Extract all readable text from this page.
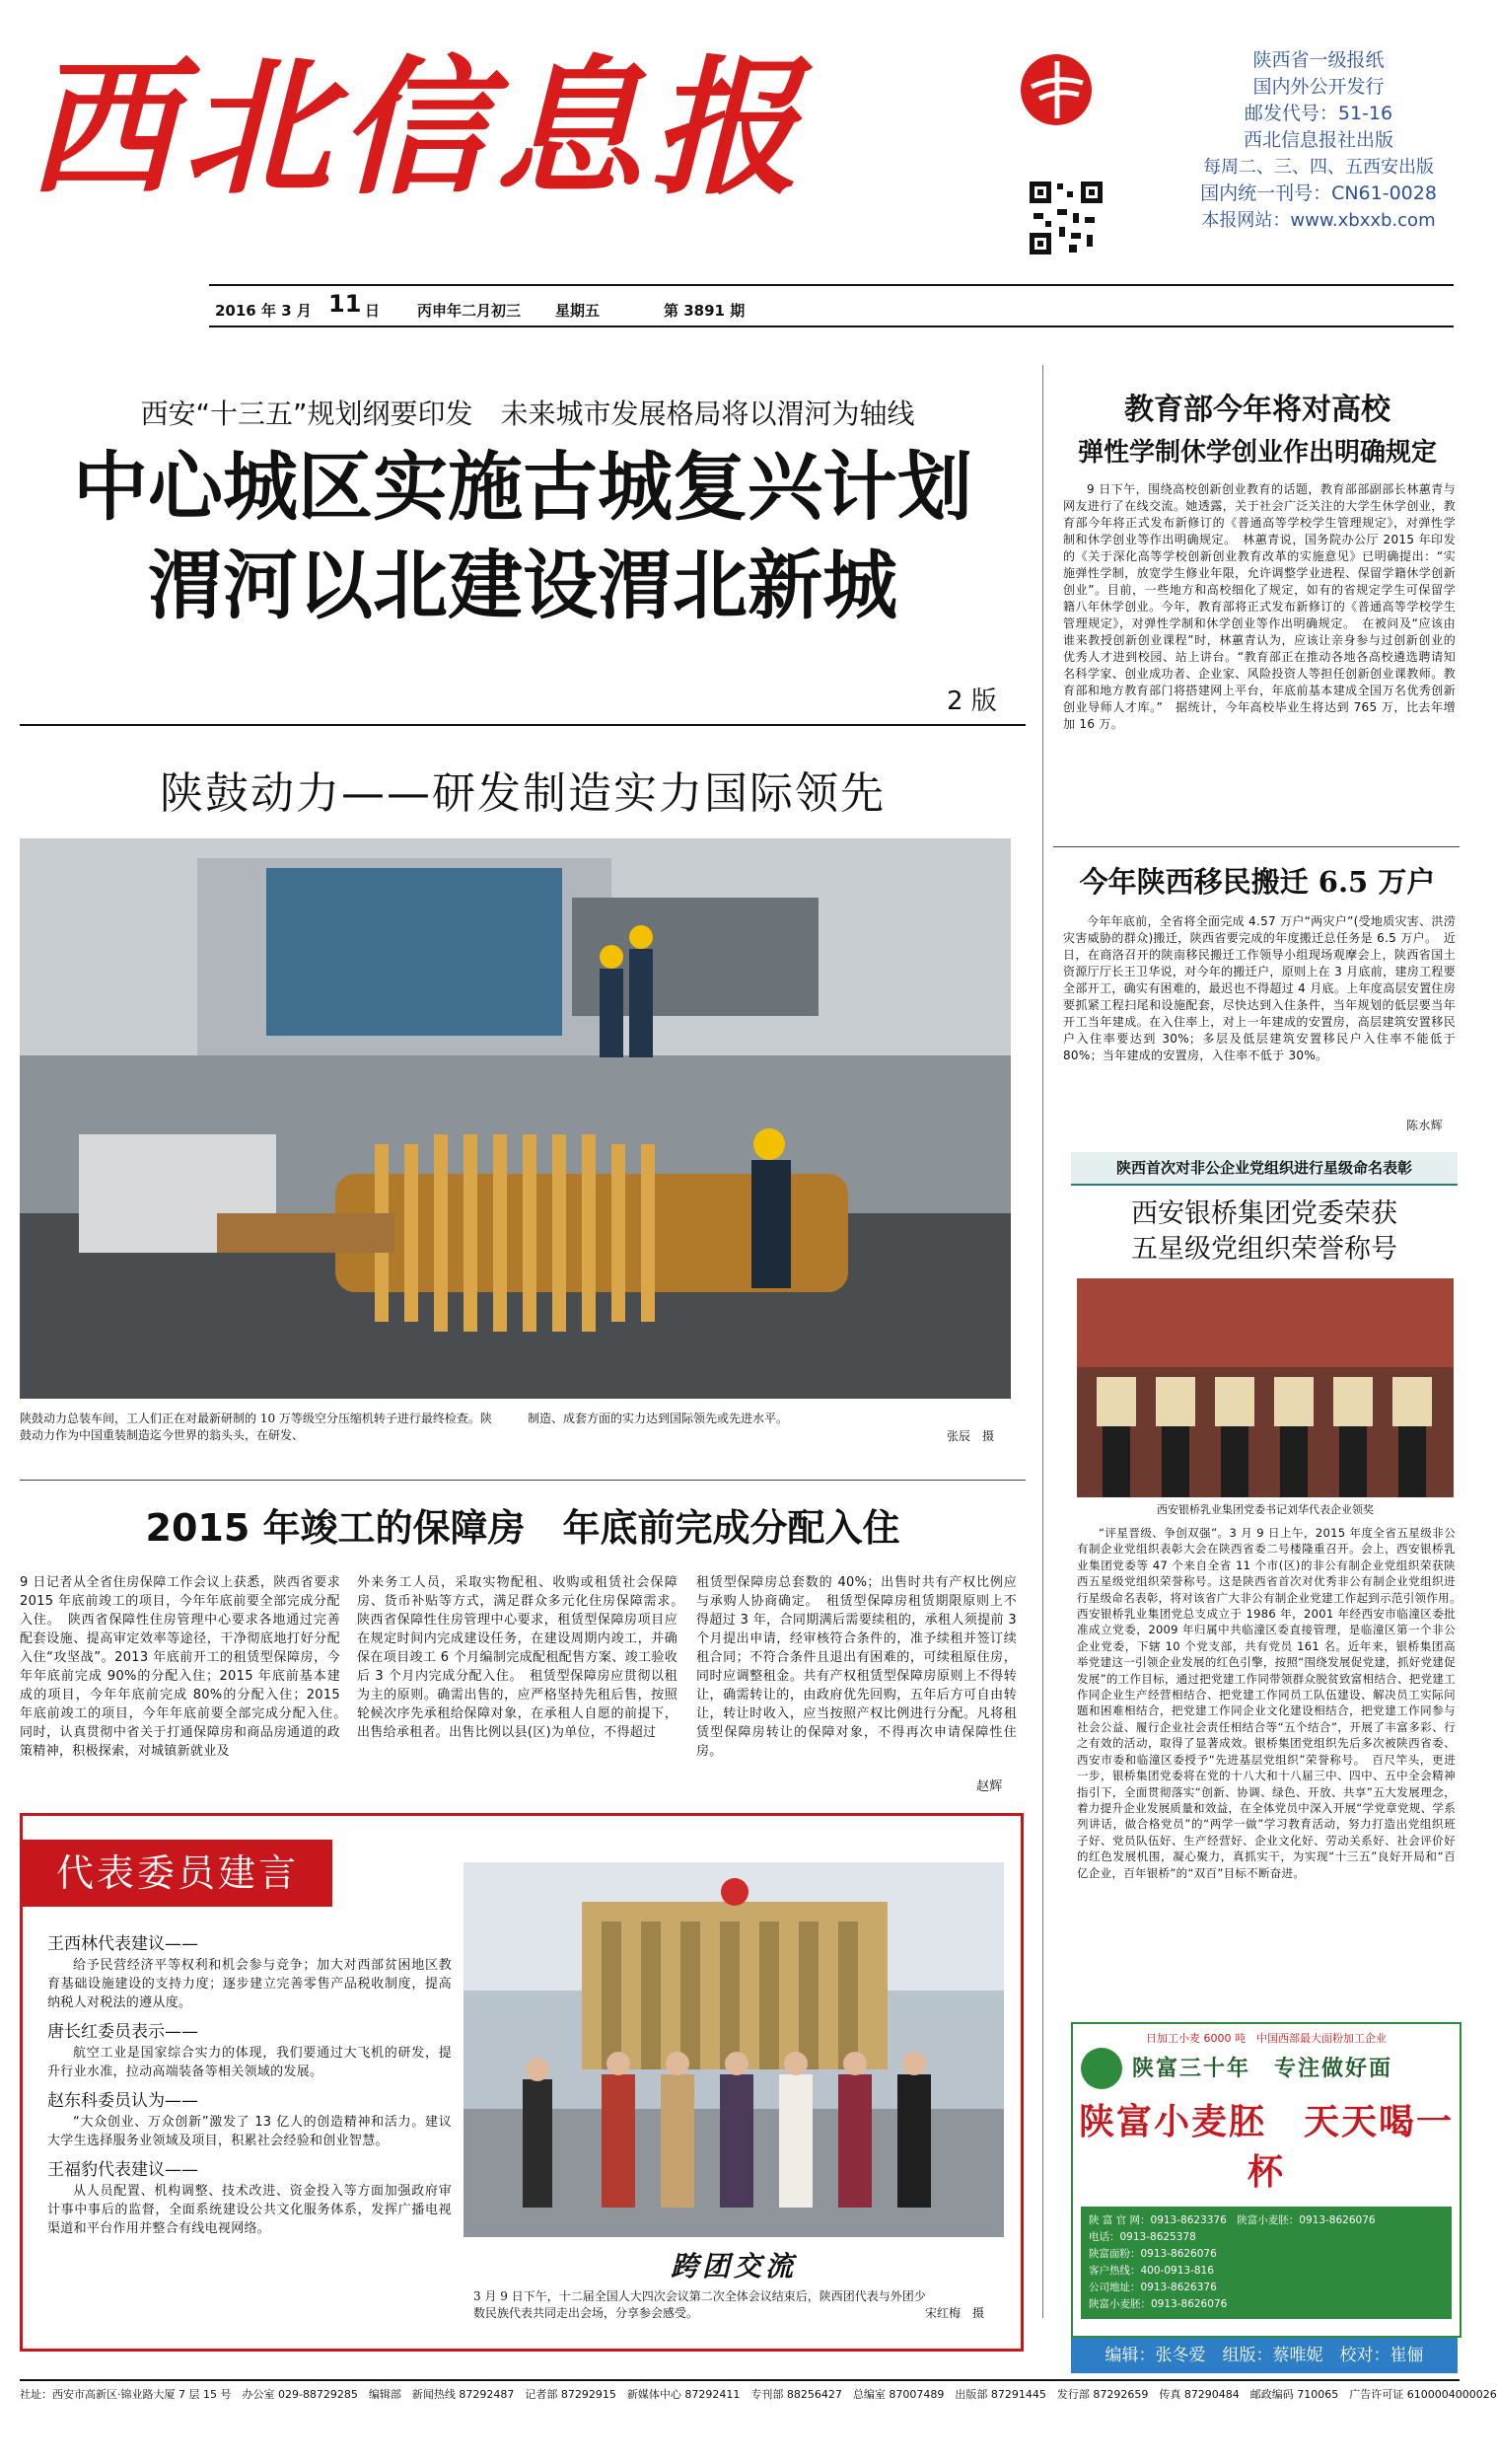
西北信息报	陕西省一级报纸
国内外公开发行
邮发代号：51-16
西北信息报社出版
每周二、三、四、五西安出版
国内统一刊号：CN61-0028
本报网站：www.xbxxb.com
2016 年 3 月 11 日	丙申年二月初三 星期五	第 3891 期
西安“十三五”规划纲要印发　未来城市发展格局将以渭河为轴线
中心城区实施古城复兴计划
渭河以北建设渭北新城
2 版
陕鼓动力——研发制造实力国际领先
陕鼓动力总装车间，工人们正在对最新研制的 10 万等级空分压缩机转子进行最终检查。陕鼓动力作为中国重装制造迄今世界的翁头头，在研发、
制造、成套方面的实力达到国际领先或先进水平。
张辰　摄
2015 年竣工的保障房　年底前完成分配入住
9 日记者从全省住房保障工作会议上获悉，陕西省要求 2015 年底前竣工的项目，今年年底前要全部完成分配入住。　陕西省保障性住房管理中心要求各地通过完善配套设施、提高审定效率等途径，干净彻底地打好分配入住“攻坚战”。2013 年底前开工的租赁型保障房，今年年底前完成 90%的分配入住；2015 年底前基本建成的项目，今年年底前完成 80%的分配入住；2015 年底前竣工的项目，今年年底前要全部完成分配入住。　同时，认真贯彻中省关于打通保障房和商品房通道的政策精神，积极探索，对城镇新就业及
外来务工人员，采取实物配租、收购或租赁社会保障房、货币补贴等方式，满足群众多元化住房保障需求。　陕西省保障性住房管理中心要求，租赁型保障房项目应在规定时间内完成建设任务，在建设周期内竣工，并确保在项目竣工 6 个月编制完成配租配售方案、竣工验收后 3 个月内完成分配入住。　租赁型保障房应贯彻以租为主的原则。确需出售的，应严格坚持先租后售，按照轮候次序先承租给保障对象，在承租人自愿的前提下，出售给承租者。出售比例以县(区)为单位，不得超过
租赁型保障房总套数的 40%；出售时共有产权比例应与承购人协商确定。　租赁型保障房租赁期限原则上不得超过 3 年，合同期满后需要续租的，承租人须提前 3 个月提出申请，经审核符合条件的，准予续租并签订续租合同；不符合条件且退出有困难的，可续租原住房，同时应调整租金。共有产权租赁型保障房原则上不得转让，确需转让的，由政府优先回购，五年后方可自由转让，转让时收入，应当按照产权比例进行分配。凡将租赁型保障房转让的保障对象，不得再次申请保障性住房。
赵辉
代表委员建言
王西林代表建议——
给予民营经济平等权利和机会参与竞争；加大对西部贫困地区教育基础设施建设的支持力度；逐步建立完善零售产品税收制度，提高纳税人对税法的遵从度。
唐长红委员表示——
航空工业是国家综合实力的体现，我们要通过大飞机的研发，提升行业水准，拉动高端装备等相关领域的发展。
赵东科委员认为——
“大众创业、万众创新”激发了 13 亿人的创造精神和活力。建议大学生选择服务业领域及项目，积累社会经验和创业智慧。
王福豹代表建议——
从人员配置、机构调整、技术改进、资金投入等方面加强政府审计事中事后的监督，全面系统建设公共文化服务体系，发挥广播电视渠道和平台作用并整合有线电视网络。
跨团交流
3 月 9 日下午，十二届全国人大四次会议第二次全体会议结束后，陕西团代表与外团少数民族代表共同走出会场，分享参会感受。	宋红梅　摄
教育部今年将对高校
弹性学制休学创业作出明确规定
9 日下午，围绕高校创新创业教育的话题，教育部部副部长林蕙青与网友进行了在线交流。她透露，关于社会广泛关注的大学生休学创业，教育部今年将正式发布新修订的《普通高等学校学生管理规定》，对弹性学制和休学创业等作出明确规定。　林蕙青说，国务院办公厅 2015 年印发的《关于深化高等学校创新创业教育改革的实施意见》已明确提出：“实施弹性学制，放宽学生修业年限，允许调整学业进程、保留学籍休学创新创业”。目前，一些地方和高校细化了规定，如有的省规定学生可保留学籍八年休学创业。今年，教育部将正式发布新修订的《普通高等学校学生管理规定》，对弹性学制和休学创业等作出明确规定。　在被问及“应该由谁来教授创新创业课程”时，林蕙青认为，应该让亲身参与过创新创业的优秀人才进到校园、站上讲台。“教育部正在推动各地各高校遴选聘请知名科学家、创业成功者、企业家、风险投资人等担任创新创业课教师。教育部和地方教育部门将搭建网上平台，年底前基本建成全国万名优秀创新创业导师人才库。”　据统计，今年高校毕业生将达到 765 万，比去年增加 16 万。
今年陕西移民搬迁 6.5 万户
今年年底前，全省将全面完成 4.57 万户“两灾户”(受地质灾害、洪涝灾害威胁的群众)搬迁，陕西省要完成的年度搬迁总任务是 6.5 万户。　近日，在商洛召开的陕南移民搬迁工作领导小组现场观摩会上，陕西省国土资源厅厅长王卫华说，对今年的搬迁户，原则上在 3 月底前，建房工程要全部开工，确实有困难的，最迟也不得超过 4 月底。上年度高层安置住房要抓紧工程扫尾和设施配套，尽快达到入住条件，当年规划的低层要当年开工当年建成。在入住率上，对上一年建成的安置房，高层建筑安置移民户入住率要达到 30%；多层及低层建筑安置移民户入住率不能低于 80%；当年建成的安置房，入住率不低于 30%。
陈水辉
陕西首次对非公企业党组织进行星级命名表彰
西安银桥集团党委荣获
五星级党组织荣誉称号
西安银桥乳业集团党委书记刘华代表企业领奖
“评星晋级、争创双强”。3 月 9 日上午，2015 年度全省五星级非公有制企业党组织表彰大会在陕西省委二号楼隆重召开。会上，西安银桥乳业集团党委等 47 个来自全省 11 个市(区)的非公有制企业党组织荣获陕西五星级党组织荣誉称号。这是陕西省首次对优秀非公有制企业党组织进行星级命名表彰，将对该省广大非公有制企业党建工作起到示范引领作用。　西安银桥乳业集团党总支成立于 1986 年，2001 年经西安市临潼区委批准成立党委，2009 年归属中共临潼区委直接管理，是临潼区第一个非公企业党委，下辖 10 个党支部，共有党员 161 名。近年来，银桥集团高举党建这一引领企业发展的红色引擎，按照“围绕发展促党建，抓好党建促发展”的工作目标，通过把党建工作同带领群众脱贫致富相结合、把党建工作同企业生产经营相结合、把党建工作同员工队伍建设、解决员工实际问题和困难相结合，把党建工作同企业文化建设相结合，把党建工作同参与社会公益、履行企业社会责任相结合等“五个结合”，开展了丰富多彩、行之有效的活动，取得了显著成效。银桥集团党组织先后多次被陕西省委、西安市委和临潼区委授予“先进基层党组织”荣誉称号。　百尺竿头，更进一步，银桥集团党委将在党的十八大和十八届三中、四中、五中全会精神指引下，全面贯彻落实“创新、协调、绿色、开放、共享”五大发展理念，着力提升企业发展质量和效益，在全体党员中深入开展“学党章党规、学系列讲话，做合格党员”的“两学一做”学习教育活动，努力打造出党组织班子好、党员队伍好、生产经营好、企业文化好、劳动关系好、社会评价好的红色发展机围，凝心聚力，真抓实干，为实现“十三五”良好开局和“百亿企业，百年银桥”的“双百”目标不断奋进。
日加工小麦 6000 吨　中国西部最大面粉加工企业
陕富三十年　专注做好面
陕富小麦胚　天天喝一杯
陕 富 官 网：0913-8623376　陕富小麦胚：0913-8626076
电话：0913-8625378
陕富面粉：0913-8626076
客户热线：400-0913-816
公司地址：0913-8626376
陕富小麦胚：0913-8626076
编辑：张冬爱　组版：蔡唯妮　校对：崔俪
社址：西安市高新区·锦业路大厦 7 层 15 号　办公室 029-88729285　编辑部　新闻热线 87292487　记者部 87292915　新媒体中心 87292411　专刊部 88256427　总编室 87007489　出版部 87291445　发行部 87292659　传真 87290484　邮政编码 710065　广告许可证 6100004000026
